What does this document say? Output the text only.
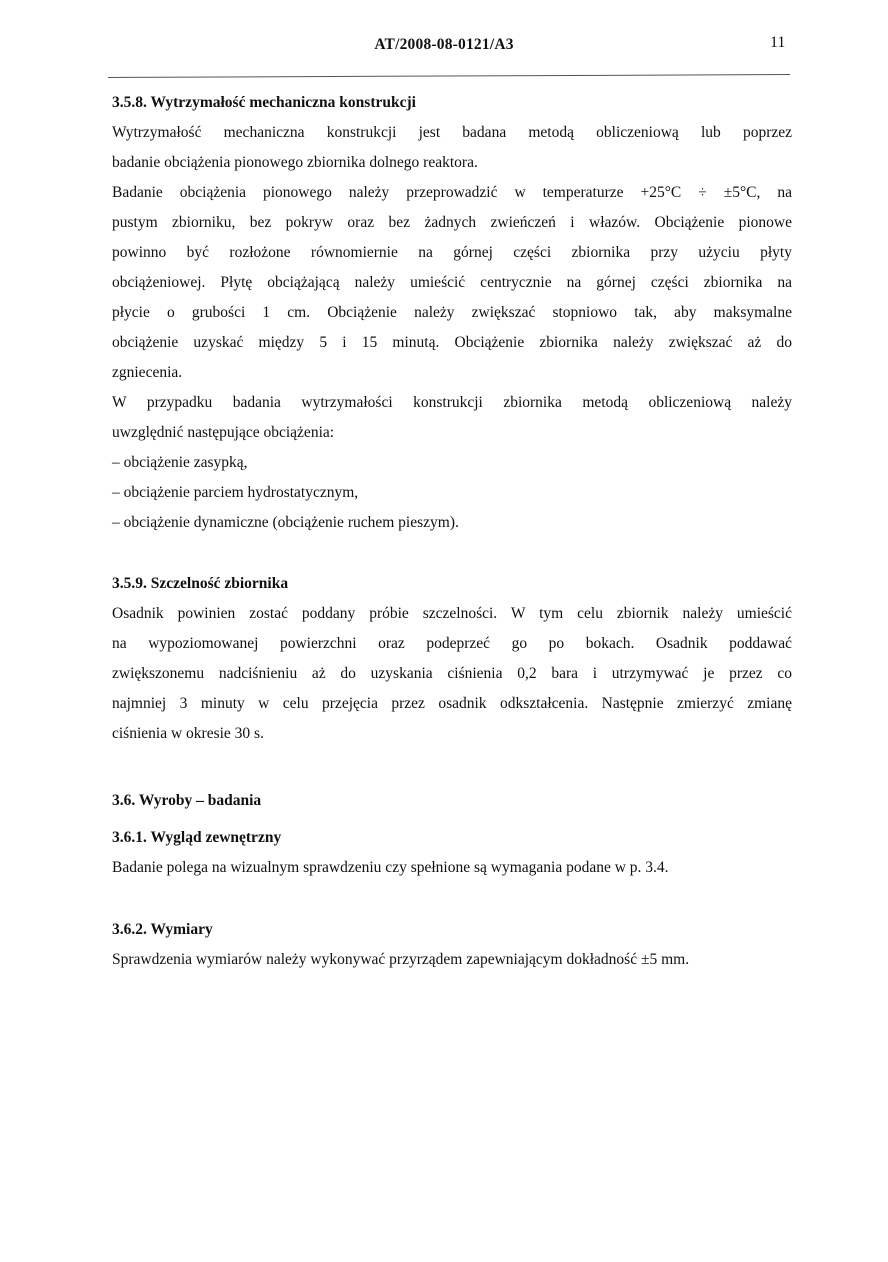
AT/2008-08-0121/A3	11
3.5.8. Wytrzymałość mechaniczna konstrukcji
Wytrzymałość mechaniczna konstrukcji jest badana metodą obliczeniową lub poprzez
badanie obciążenia pionowego zbiornika dolnego reaktora.
Badanie obciążenia pionowego należy przeprowadzić w temperaturze +25°C ÷ ±5°C, na
pustym zbiorniku, bez pokryw oraz bez żadnych zwieńczeń i włazów. Obciążenie pionowe
powinno być rozłożone równomiernie na górnej części zbiornika przy użyciu płyty
obciążeniowej. Płytę obciążającą należy umieścić centrycznie na górnej części zbiornika na
płycie o grubości 1 cm. Obciążenie należy zwiększać stopniowo tak, aby maksymalne
obciążenie uzyskać między 5 i 15 minutą. Obciążenie zbiornika należy zwiększać aż do
zgniecenia.
W przypadku badania wytrzymałości konstrukcji zbiornika metodą obliczeniową należy
uwzględnić następujące obciążenia:
– obciążenie zasypką,
– obciążenie parciem hydrostatycznym,
– obciążenie dynamiczne (obciążenie ruchem pieszym).
3.5.9. Szczelność zbiornika
Osadnik powinien zostać poddany próbie szczelności. W tym celu zbiornik należy umieścić
na wypoziomowanej powierzchni oraz podeprzeć go po bokach. Osadnik poddawać
zwiększonemu nadciśnieniu aż do uzyskania ciśnienia 0,2 bara i utrzymywać je przez co
najmniej 3 minuty w celu przejęcia przez osadnik odkształcenia. Następnie zmierzyć zmianę
ciśnienia w okresie 30 s.
3.6. Wyroby – badania
3.6.1. Wygląd zewnętrzny
Badanie polega na wizualnym sprawdzeniu czy spełnione są wymagania podane w p. 3.4.
3.6.2. Wymiary
Sprawdzenia wymiarów należy wykonywać przyrządem zapewniającym dokładność ±5 mm.
